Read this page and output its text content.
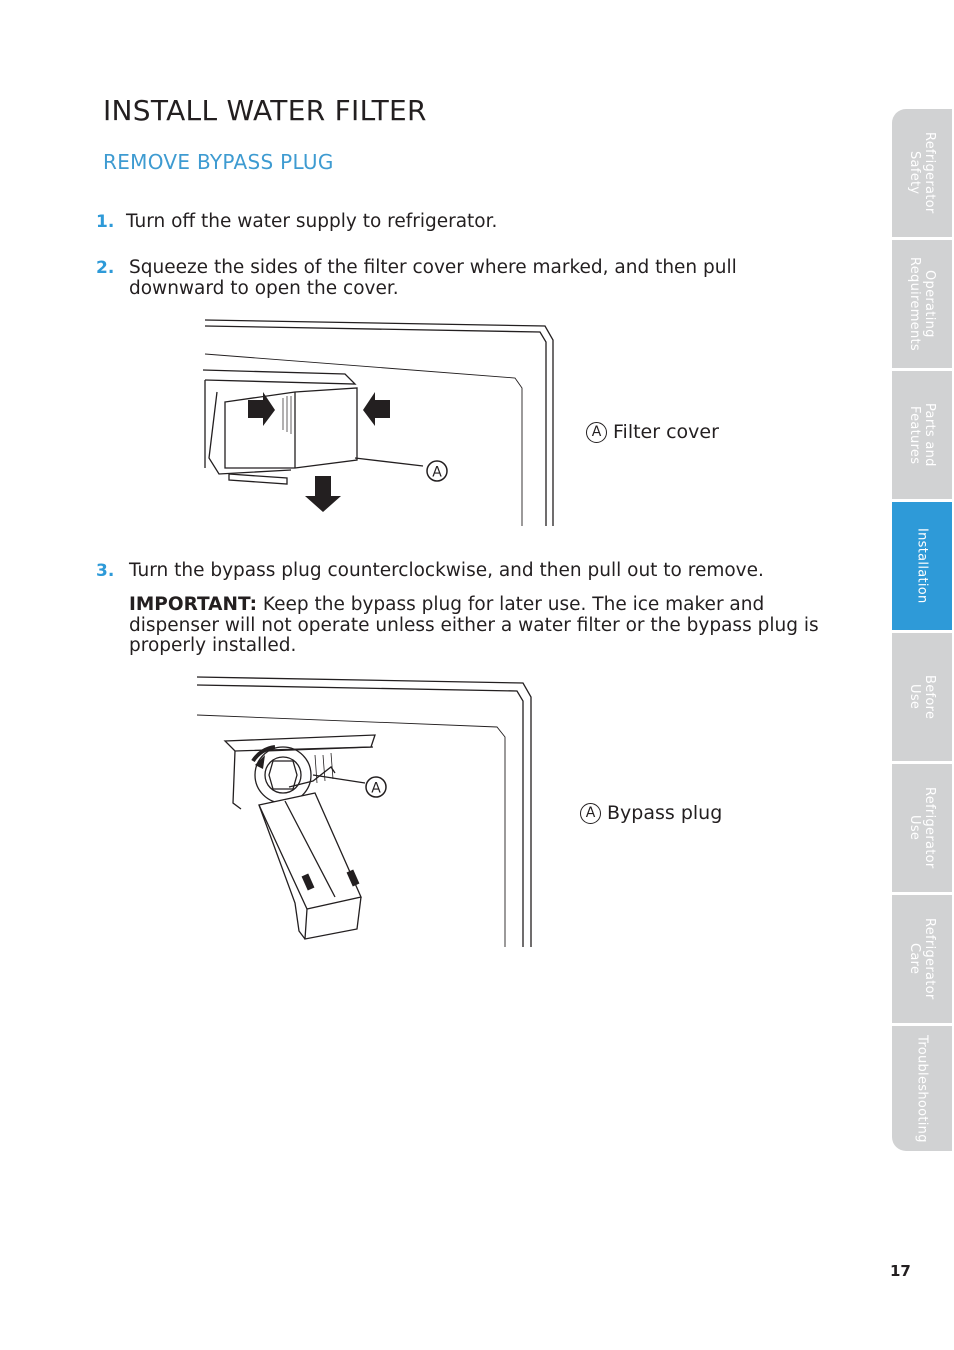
INSTALL WATER FILTER
REMOVE BYPASS PLUG
1. Turn off the water supply to refrigerator.
2. Squeeze the sides of the filter cover where marked, and then pull downward to open the cover.
A
A Filter cover
3. Turn the bypass plug counterclockwise, and then pull out to remove.
IMPORTANT: Keep the bypass plug for later use. The ice maker and dispenser will not operate unless either a water filter or the bypass plug is properly installed.
A
A Bypass plug
Refrigerator
Safety
Operating
Requirements
Parts and
Features
Installation
Before
Use
Refrigerator
Use
Refrigerator
Care
Troubleshooting
17
